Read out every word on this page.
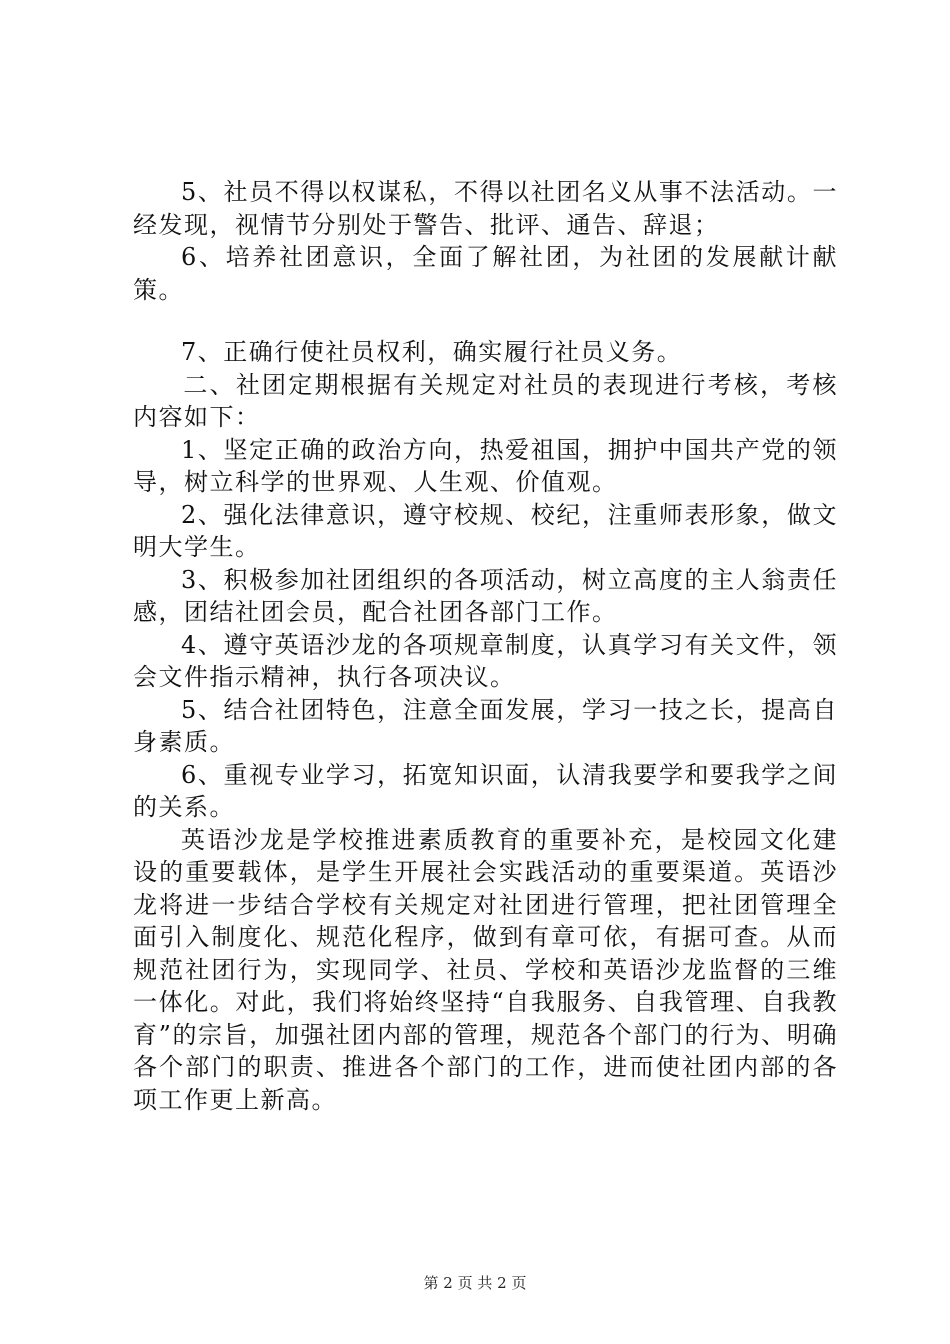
5、社员不得以权谋私，不得以社团名义从事不法活动。一经发现，视情节分别处于警告、批评、通告、辞退；

6、培养社团意识，全面了解社团，为社团的发展献计献策。

7、正确行使社员权利，确实履行社员义务。

二、社团定期根据有关规定对社员的表现进行考核，考核内容如下：

1、坚定正确的政治方向，热爱祖国，拥护中国共产党的领导，树立科学的世界观、人生观、价值观。

2、强化法律意识，遵守校规、校纪，注重师表形象，做文明大学生。

3、积极参加社团组织的各项活动，树立高度的主人翁责任感，团结社团会员，配合社团各部门工作。

4、遵守英语沙龙的各项规章制度，认真学习有关文件，领会文件指示精神，执行各项决议。

5、结合社团特色，注意全面发展，学习一技之长，提高自身素质。

6、重视专业学习，拓宽知识面，认清我要学和要我学之间的关系。

英语沙龙是学校推进素质教育的重要补充，是校园文化建设的重要载体，是学生开展社会实践活动的重要渠道。英语沙龙将进一步结合学校有关规定对社团进行管理，把社团管理全面引入制度化、规范化程序，做到有章可依，有据可查。从而规范社团行为，实现同学、社员、学校和英语沙龙监督的三维一体化。对此，我们将始终坚持“自我服务、自我管理、自我教育”的宗旨，加强社团内部的管理，规范各个部门的行为、明确各个部门的职责、推进各个部门的工作，进而使社团内部的各项工作更上新高。

第 2 页 共 2 页
